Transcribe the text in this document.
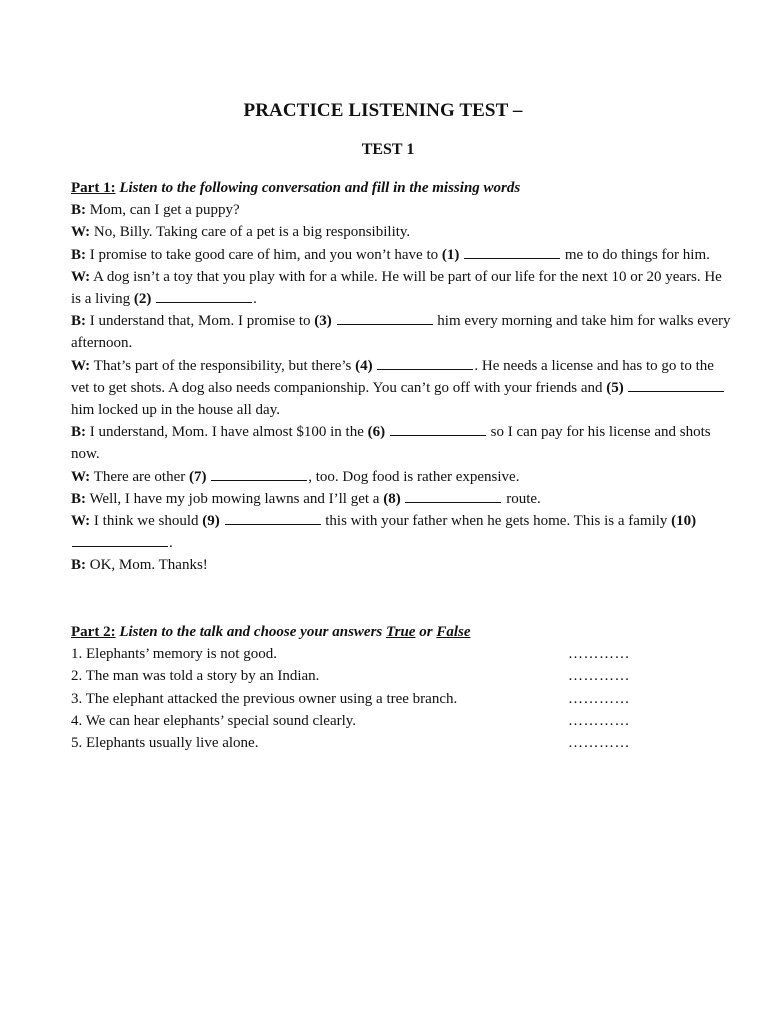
PRACTICE LISTENING TEST –
TEST 1
Part 1: Listen to the following conversation and fill in the missing words
B: Mom, can I get a puppy?
W: No, Billy. Taking care of a pet is a big responsibility.
B: I promise to take good care of him, and you won’t have to (1)	me to do things for him.
W: A dog isn’t a toy that you play with for a while. He will be part of our life for the next 10 or 20 years. He is a living (2)	.
B: I understand that, Mom. I promise to (3)	him every morning and take him for walks every afternoon.
W: That’s part of the responsibility, but there’s (4)	. He needs a license and has to go to the vet to get shots. A dog also needs companionship. You can’t go off with your friends and (5)  him locked up in the house all day.
B: I understand, Mom. I have almost $100 in the (6)	so I can pay for his license and shots now.
W: There are other (7)	, too. Dog food is rather expensive.
B: Well, I have my job mowing lawns and I’ll get a (8)	route.
W: I think we should (9)	this with your father when he gets home. This is a family (10) .
B: OK, Mom. Thanks!
Part 2: Listen to the talk and choose your answers True or False
1. Elephants’ memory is not good.	…………
2. The man was told a story by an Indian.	…………
3. The elephant attacked the previous owner using a tree branch.	…………
4. We can hear elephants’ special sound clearly.	…………
5. Elephants usually live alone.	…………
